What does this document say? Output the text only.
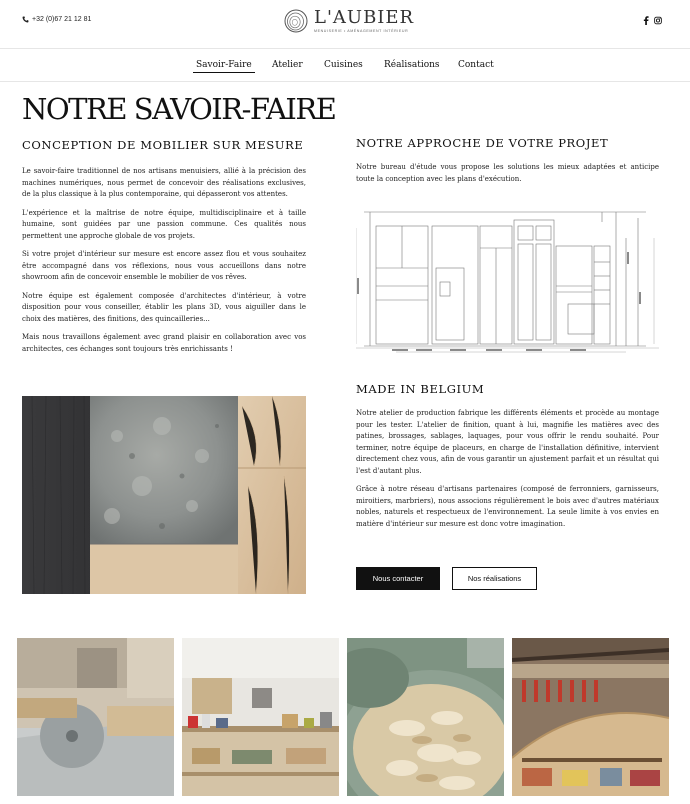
+32 (0)67 21 12 81	L'AUBIER
MENUISERIE • AMÉNAGEMENT INTÉRIEUR
Savoir-Faire Atelier Cuisines Réalisations Contact
NOTRE SAVOIR-FAIRE
CONCEPTION DE MOBILIER SUR MESURE

Le savoir-faire traditionnel de nos artisans menuisiers, allié à la précision des machines numériques, nous permet de concevoir des réalisations exclusives, de la plus classique à la plus contemporaine, qui dépasseront vos attentes.

L'expérience et la maîtrise de notre équipe, multidisciplinaire et à taille humaine, sont guidées par une passion commune. Ces qualités nous permettent une approche globale de vos projets.

Si votre projet d'intérieur sur mesure est encore assez flou et vous souhaitez être accompagné dans vos réflexions, nous vous accueillons dans notre showroom afin de concevoir ensemble le mobilier de vos rêves.

Notre équipe est également composée d'architectes d'intérieur, à votre disposition pour vous conseiller, établir les plans 3D, vous aiguiller dans le choix des matières, des finitions, des quincailleries...

Mais nous travaillons également avec grand plaisir en collaboration avec vos architectes, ces échanges sont toujours très enrichissants !

NOTRE APPROCHE DE VOTRE PROJET

Notre bureau d'étude vous propose les solutions les mieux adaptées et anticipe toute la conception avec les plans d'exécution.

MADE IN BELGIUM

Notre atelier de production fabrique les différents éléments et procède au montage pour les tester. L'atelier de finition, quant à lui, magnifie les matières avec des patines, brossages, sablages, laquages, pour vous offrir le rendu souhaité. Pour terminer, notre équipe de placeurs, en charge de l'installation définitive, intervient directement chez vous, afin de vous garantir un ajustement parfait et un résultat qui l'est d'autant plus.

Grâce à notre réseau d'artisans partenaires (composé de ferronniers, garnisseurs, miroitiers, marbriers), nous associons régulièrement le bois avec d'autres matériaux nobles, naturels et respectueux de l'environnement. La seule limite à vos envies en matière d'intérieur sur mesure est donc votre imagination.

Nous contacter	Nos réalisations
